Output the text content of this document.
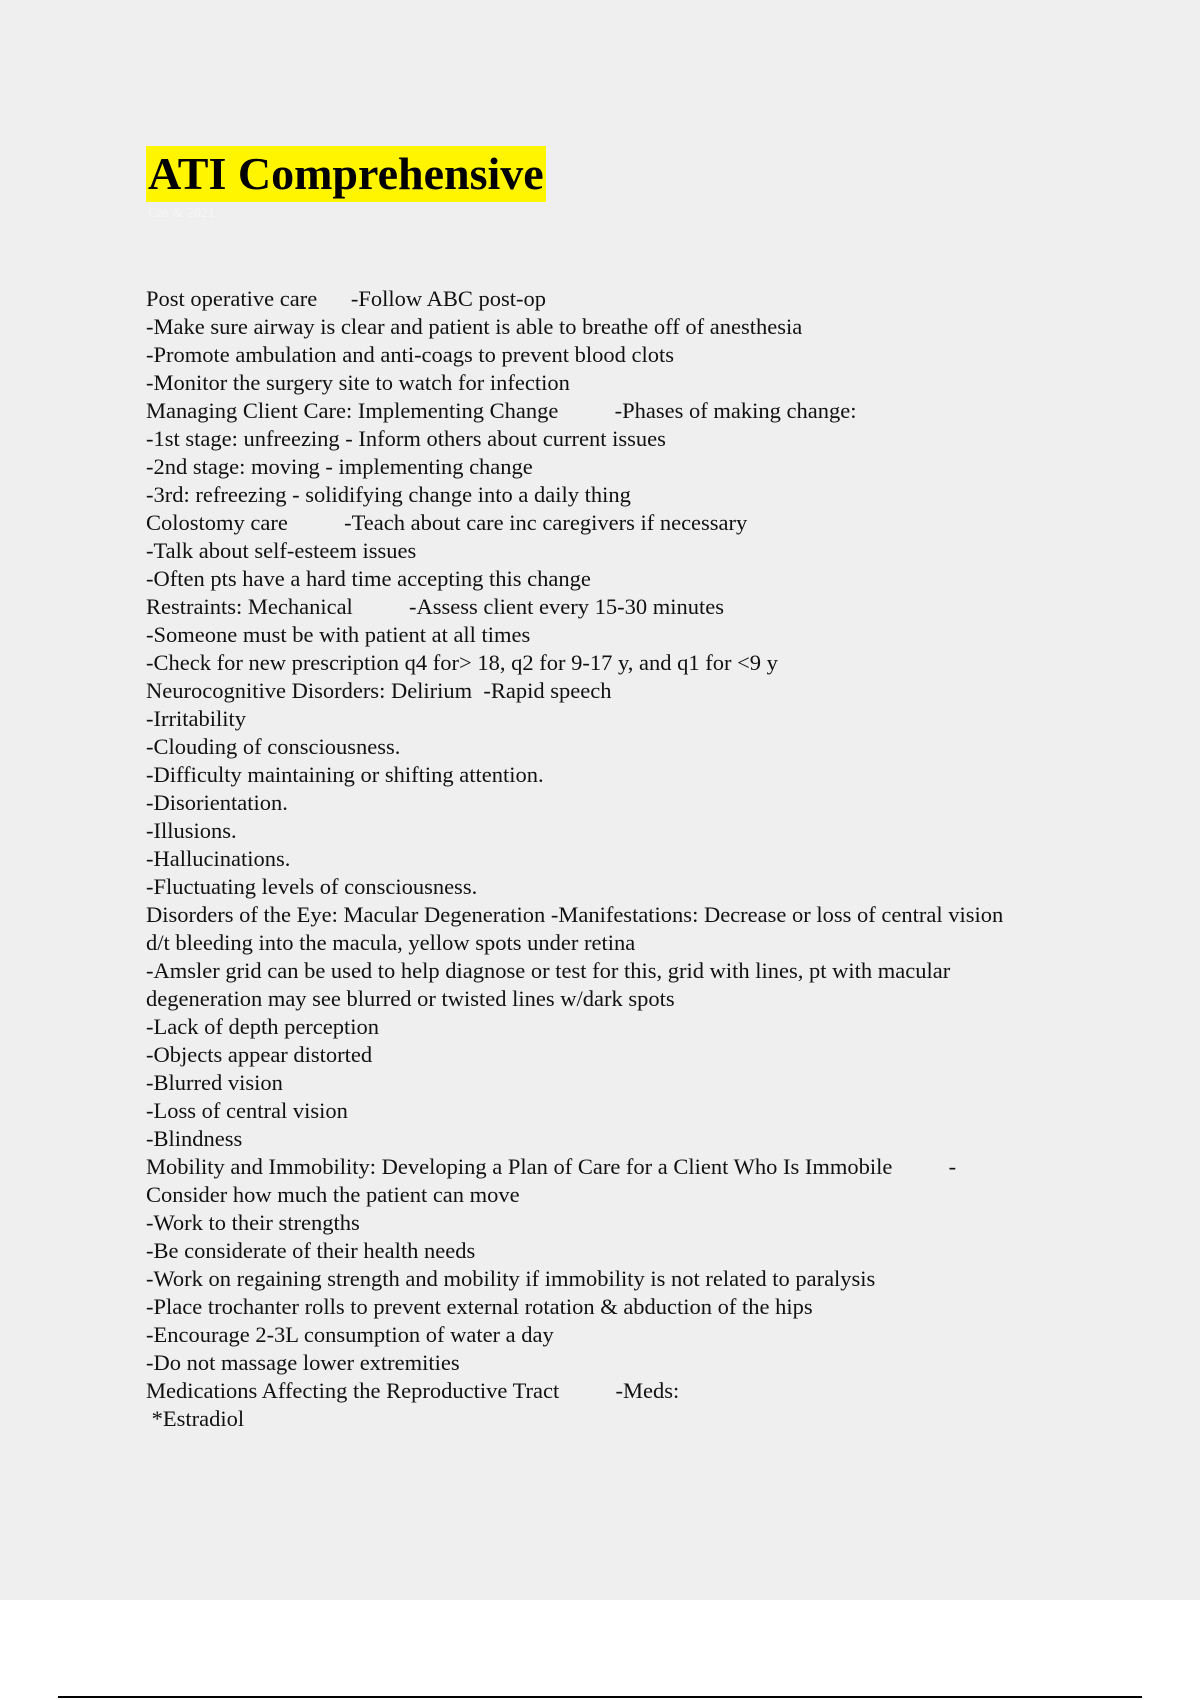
ATI Comprehensive
Cas & 2021
Post operative care      -Follow ABC post-op
-Make sure airway is clear and patient is able to breathe off of anesthesia
-Promote ambulation and anti-coags to prevent blood clots
-Monitor the surgery site to watch for infection
Managing Client Care: Implementing Change          -Phases of making change:
-1st stage: unfreezing - Inform others about current issues
-2nd stage: moving - implementing change
-3rd: refreezing - solidifying change into a daily thing
Colostomy care          -Teach about care inc caregivers if necessary
-Talk about self-esteem issues
-Often pts have a hard time accepting this change
Restraints: Mechanical          -Assess client every 15-30 minutes
-Someone must be with patient at all times
-Check for new prescription q4 for> 18, q2 for 9-17 y, and q1 for <9 y
Neurocognitive Disorders: Delirium  -Rapid speech
-Irritability
-Clouding of consciousness.
-Difficulty maintaining or shifting attention.
-Disorientation.
-Illusions.
-Hallucinations.
-Fluctuating levels of consciousness.
Disorders of the Eye: Macular Degeneration -Manifestations: Decrease or loss of central vision
d/t bleeding into the macula, yellow spots under retina
-Amsler grid can be used to help diagnose or test for this, grid with lines, pt with macular
degeneration may see blurred or twisted lines w/dark spots
-Lack of depth perception
-Objects appear distorted
-Blurred vision
-Loss of central vision
-Blindness
Mobility and Immobility: Developing a Plan of Care for a Client Who Is Immobile          -
Consider how much the patient can move
-Work to their strengths
-Be considerate of their health needs
-Work on regaining strength and mobility if immobility is not related to paralysis
-Place trochanter rolls to prevent external rotation & abduction of the hips
-Encourage 2-3L consumption of water a day
-Do not massage lower extremities
Medications Affecting the Reproductive Tract          -Meds:
*Estradiol
